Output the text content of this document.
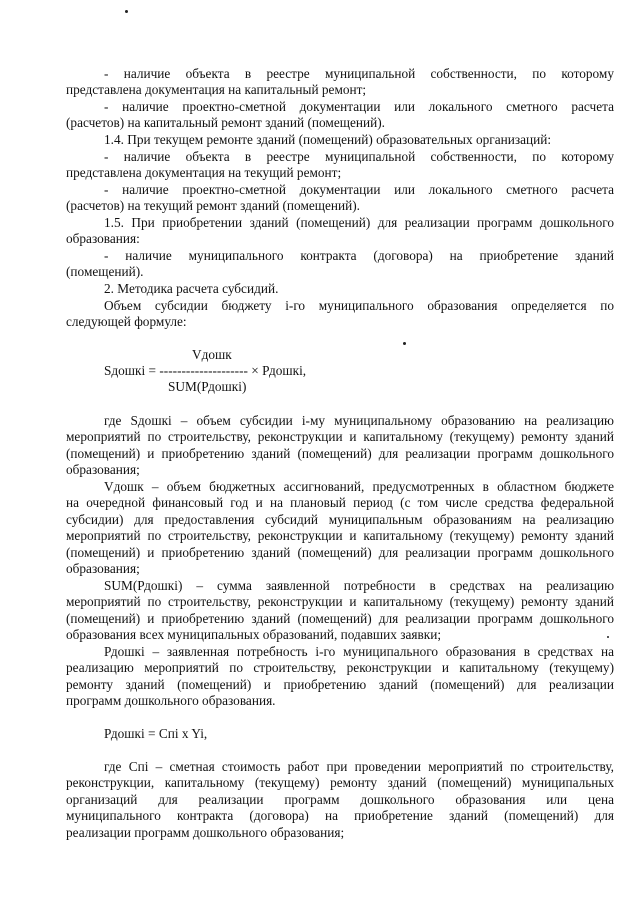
- наличие объекта в реестре муниципальной собственности, по которому
представлена документация на капитальный ремонт;
- наличие проектно-сметной документации или локального сметного расчета
(расчетов) на капитальный ремонт зданий (помещений).
1.4. При текущем ремонте зданий (помещений) образовательных организаций:
- наличие объекта в реестре муниципальной собственности, по которому
представлена документация на текущий ремонт;
- наличие проектно-сметной документации или локального сметного расчета
(расчетов) на текущий ремонт зданий (помещений).
1.5. При приобретении зданий (помещений) для реализации программ дошкольного
образования:
- наличие муниципального контракта (договора) на приобретение зданий
(помещений).
2. Методика расчета субсидий.
Объем субсидии бюджету i-го муниципального образования определяется по
следующей формуле:
Vдошк
Sдошкi = -------------------- × Рдошкi,
SUM(Рдошкi)
где Sдошкi – объем субсидии i-му муниципальному образованию на реализацию
мероприятий по строительству, реконструкции и капитальному (текущему) ремонту зданий
(помещений) и приобретению зданий (помещений) для реализации программ дошкольного
образования;
Vдошк – объем бюджетных ассигнований, предусмотренных в областном бюджете
на очередной финансовый год и на плановый период (с том числе средства федеральной
субсидии) для предоставления субсидий муниципальным образованиям на реализацию
мероприятий по строительству, реконструкции и капитальному (текущему) ремонту зданий
(помещений) и приобретению зданий (помещений) для реализации программ дошкольного
образования;
SUM(Рдошкi) – сумма заявленной потребности в средствах на реализацию
мероприятий по строительству, реконструкции и капитальному (текущему) ремонту зданий
(помещений) и приобретению зданий (помещений) для реализации программ дошкольного
образования всех муниципальных образований, подавших заявки;
Рдошкi – заявленная потребность i-го муниципального образования в средствах на
реализацию мероприятий по строительству, реконструкции и капитальному (текущему)
ремонту зданий (помещений) и приобретению зданий (помещений) для реализации
программ дошкольного образования.
Рдошкi = Cпi x Yi,
где Cпi – сметная стоимость работ при проведении мероприятий по строительству,
реконструкции, капитальному (текущему) ремонту зданий (помещений) муниципальных
организаций для реализации программ дошкольного образования или цена
муниципального контракта (договора) на приобретение зданий (помещений) для
реализации программ дошкольного образования;
